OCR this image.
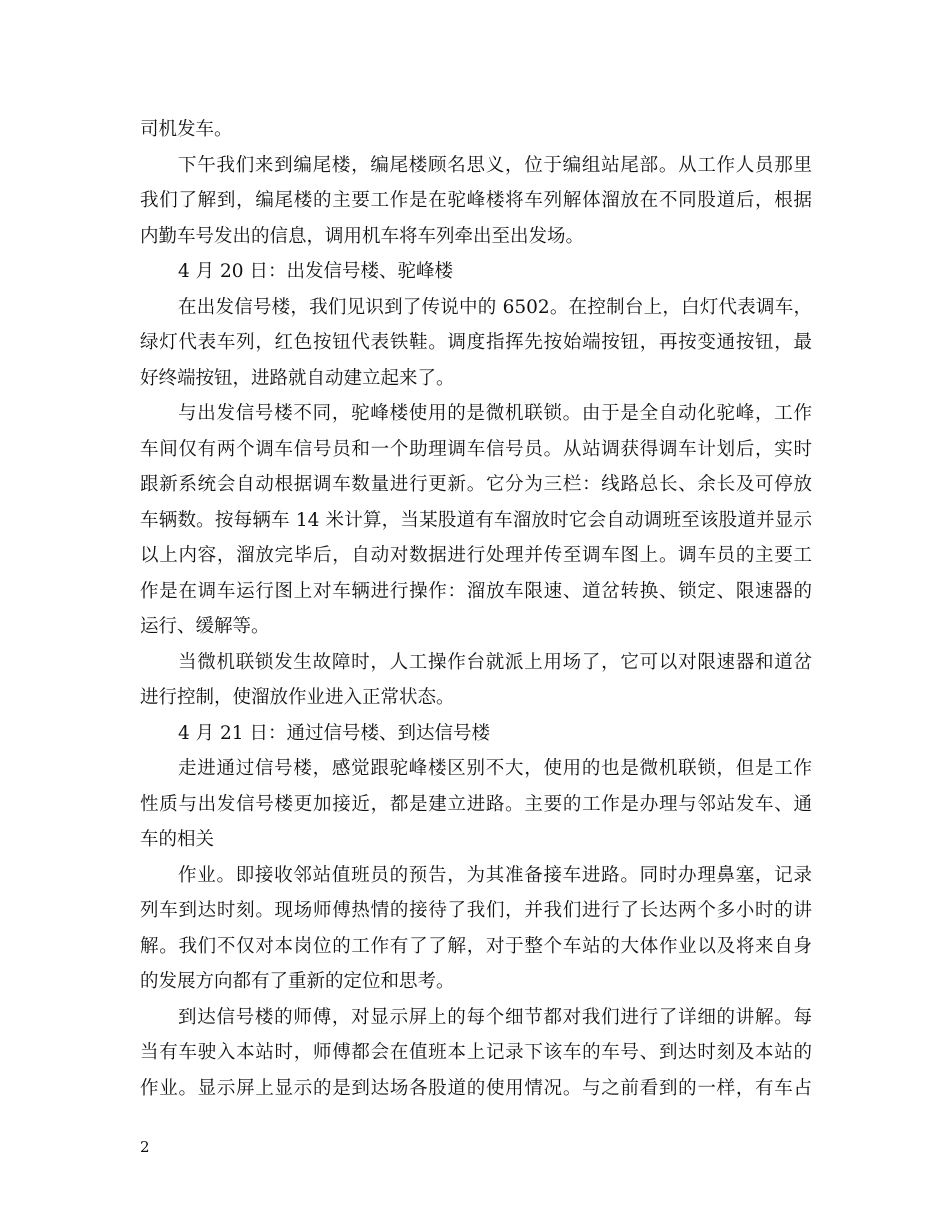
司机发车。
下午我们来到编尾楼，编尾楼顾名思义，位于编组站尾部。从工作人员那里
我们了解到，编尾楼的主要工作是在驼峰楼将车列解体溜放在不同股道后，根据
内勤车号发出的信息，调用机车将车列牵出至出发场。
4 月 20 日：出发信号楼、驼峰楼
在出发信号楼，我们见识到了传说中的 6502。在控制台上，白灯代表调车，
绿灯代表车列，红色按钮代表铁鞋。调度指挥先按始端按钮，再按变通按钮，最
好终端按钮，进路就自动建立起来了。
与出发信号楼不同，驼峰楼使用的是微机联锁。由于是全自动化驼峰，工作
车间仅有两个调车信号员和一个助理调车信号员。从站调获得调车计划后，实时
跟新系统会自动根据调车数量进行更新。它分为三栏：线路总长、余长及可停放
车辆数。按每辆车 14 米计算，当某股道有车溜放时它会自动调班至该股道并显示
以上内容，溜放完毕后，自动对数据进行处理并传至调车图上。调车员的主要工
作是在调车运行图上对车辆进行操作：溜放车限速、道岔转换、锁定、限速器的
运行、缓解等。
当微机联锁发生故障时，人工操作台就派上用场了，它可以对限速器和道岔
进行控制，使溜放作业进入正常状态。
4 月 21 日：通过信号楼、到达信号楼
走进通过信号楼，感觉跟驼峰楼区别不大，使用的也是微机联锁，但是工作
性质与出发信号楼更加接近，都是建立进路。主要的工作是办理与邻站发车、通
车的相关
作业。即接收邻站值班员的预告，为其准备接车进路。同时办理鼻塞，记录
列车到达时刻。现场师傅热情的接待了我们，并我们进行了长达两个多小时的讲
解。我们不仅对本岗位的工作有了了解，对于整个车站的大体作业以及将来自身
的发展方向都有了重新的定位和思考。
到达信号楼的师傅，对显示屏上的每个细节都对我们进行了详细的讲解。每
当有车驶入本站时，师傅都会在值班本上记录下该车的车号、到达时刻及本站的
作业。显示屏上显示的是到达场各股道的使用情况。与之前看到的一样，有车占
2
